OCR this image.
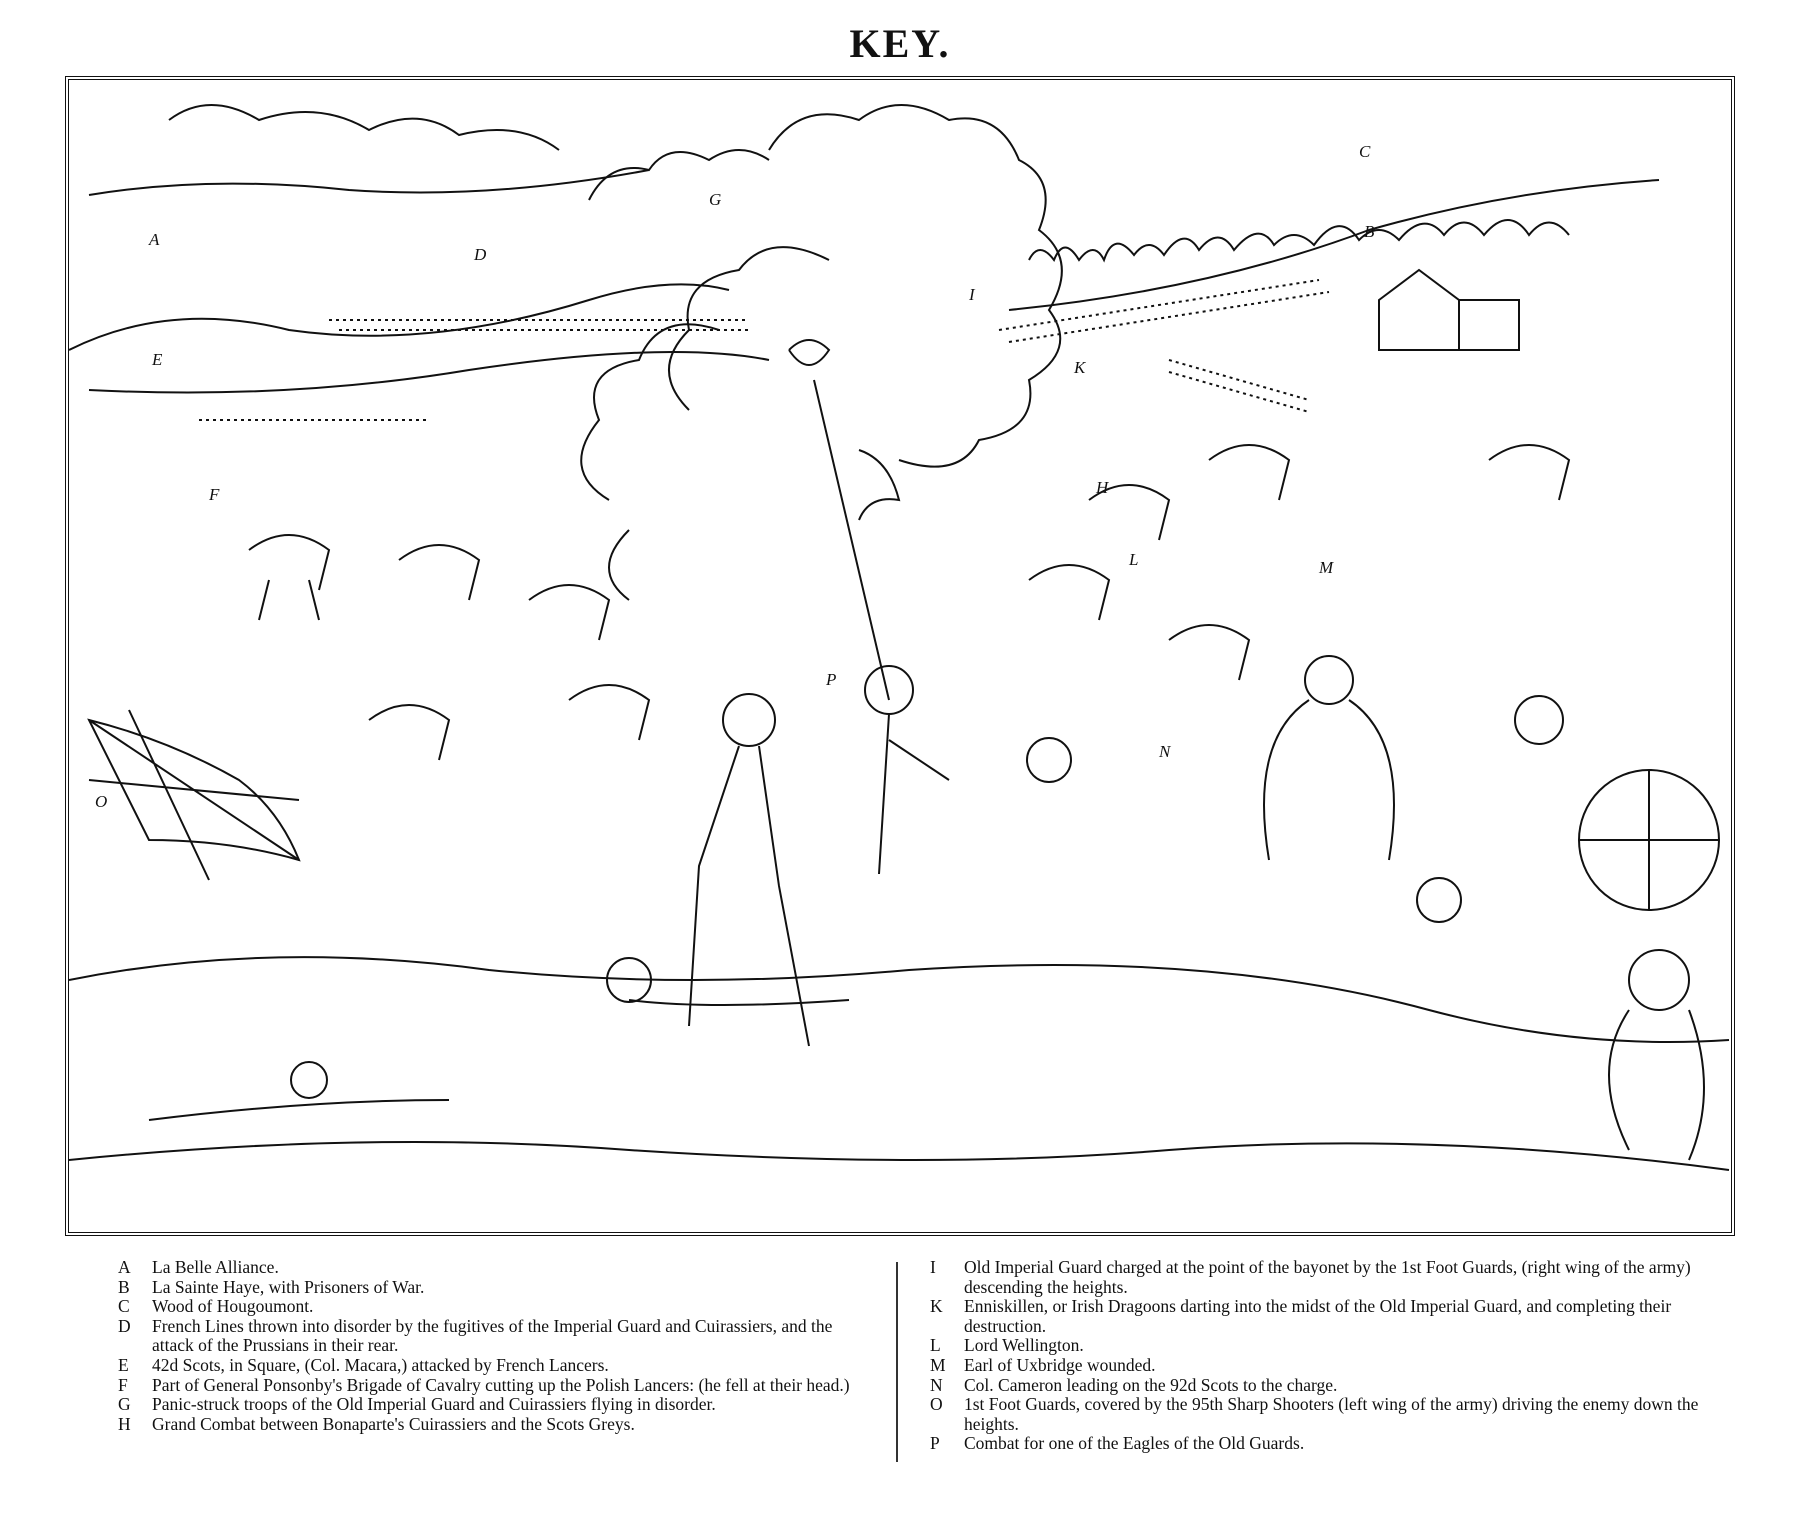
KEY.
A	B
C
D
E
F
G
H
I
K
L	M
N
O
P
A	La Belle Alliance.
B	La Sainte Haye, with Prisoners of War.
C	Wood of Hougoumont.
D	French Lines thrown into disorder by the fugitives of the Imperial Guard and Cuirassiers, and the attack of the Prussians in their rear.
E	42d Scots, in Square, (Col. Macara,) attacked by French Lancers.
F	Part of General Ponsonby's Brigade of Cavalry cutting up the Polish Lancers: (he fell at their head.)
G	Panic-struck troops of the Old Imperial Guard and Cuirassiers flying in disorder.
H	Grand Combat between Bonaparte's Cuirassiers and the Scots Greys.
I	Old Imperial Guard charged at the point of the bayonet by the 1st Foot Guards, (right wing of the army) descending the heights.
K	Enniskillen, or Irish Dragoons darting into the midst of the Old Imperial Guard, and completing their destruction.
L	Lord Wellington.
M	Earl of Uxbridge wounded.
N	Col. Cameron leading on the 92d Scots to the charge.
O	1st Foot Guards, covered by the 95th Sharp Shooters (left wing of the army) driving the enemy down the heights.
P	Combat for one of the Eagles of the Old Guards.
